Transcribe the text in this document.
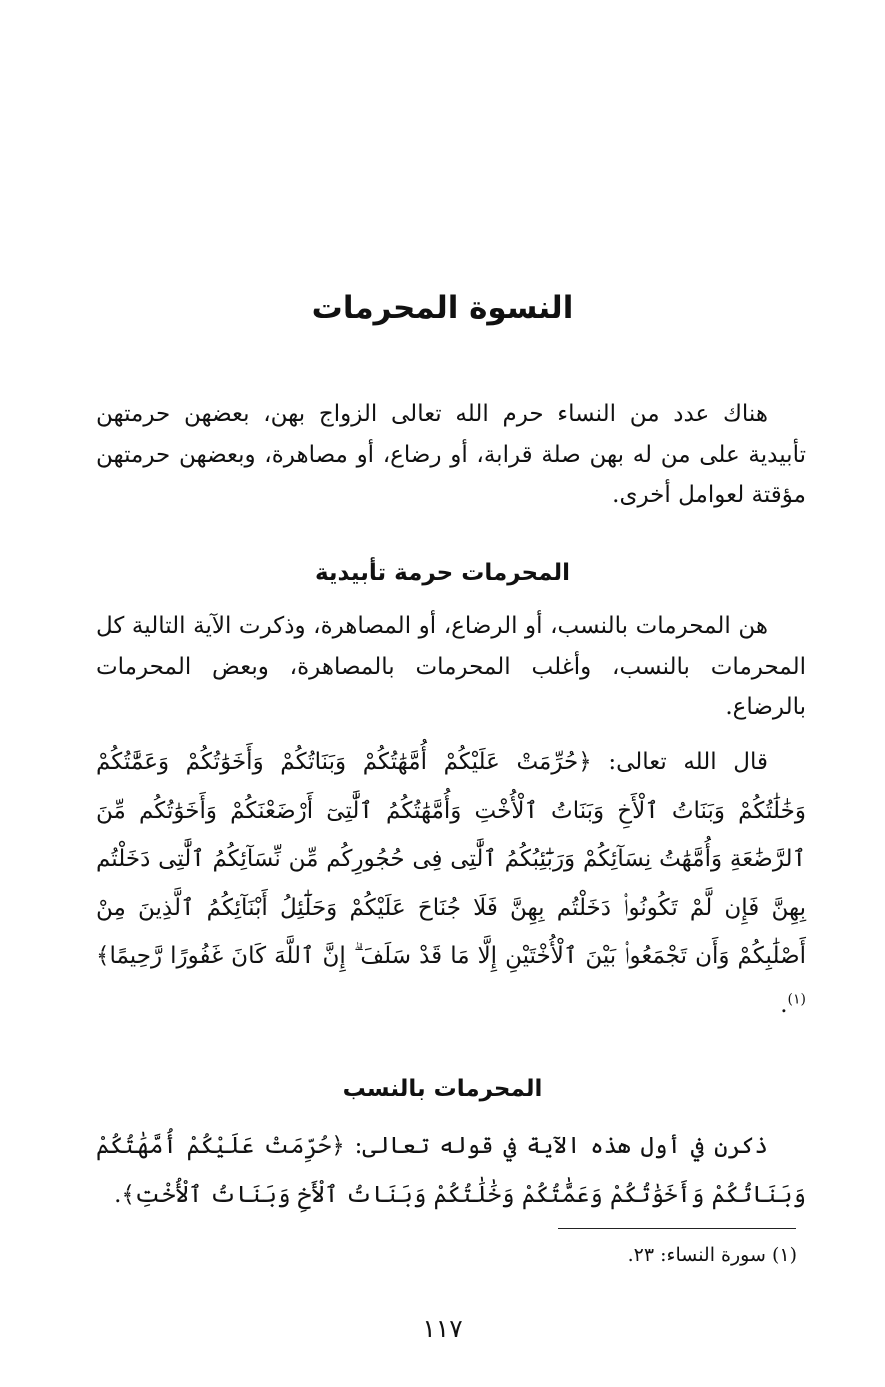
النسوة المحرمات

هناك عدد من النساء حرم الله تعالى الزواج بهن، بعضهن حرمتهن تأبيدية على من له بهن صلة قرابة، أو رضاع، أو مصاهرة، وبعضهن حرمتهن مؤقتة لعوامل أخرى.

المحرمات حرمة تأبيدية

هن المحرمات بالنسب، أو الرضاع، أو المصاهرة، وذكرت الآية التالية كل المحرمات بالنسب، وأغلب المحرمات بالمصاهرة، وبعض المحرمات بالرضاع.

قال الله تعالى: ﴿حُرِّمَتْ عَلَيْكُمْ أُمَّهَٰتُكُمْ وَبَنَاتُكُمْ وَأَخَوَٰتُكُمْ وَعَمَّٰتُكُمْ وَخَٰلَٰتُكُمْ وَبَنَاتُ ٱلْأَخِ وَبَنَاتُ ٱلْأُخْتِ وَأُمَّهَٰتُكُمُ ٱلَّٰتِىٓ أَرْضَعْنَكُمْ وَأَخَوَٰتُكُم مِّنَ ٱلرَّضَٰعَةِ وَأُمَّهَٰتُ نِسَآئِكُمْ وَرَبَٰٓئِبُكُمُ ٱلَّٰتِى فِى حُجُورِكُم مِّن نِّسَآئِكُمُ ٱلَّٰتِى دَخَلْتُم بِهِنَّ فَإِن لَّمْ تَكُونُوا۟ دَخَلْتُم بِهِنَّ فَلَا جُنَاحَ عَلَيْكُمْ وَحَلَٰٓئِلُ أَبْنَآئِكُمُ ٱلَّذِينَ مِنْ أَصْلَٰبِكُمْ وَأَن تَجْمَعُوا۟ بَيْنَ ٱلْأُخْتَيْنِ إِلَّا مَا قَدْ سَلَفَ ۗ إِنَّ ٱللَّهَ كَانَ غَفُورًا رَّحِيمًا﴾$^{(١)}$.

المحرمات بالنسب

ذكرن في أول هذه الآية في قوله تعالى: ﴿حُرِّمَتْ عَلَيْكُمْ أُمَّهَٰتُكُمْ وَبَنَاتُكُمْ وَأَخَوَٰتُكُمْ وَعَمَّٰتُكُمْ وَخَٰلَٰتُكُمْ وَبَنَاتُ ٱلْأَخِ وَبَنَاتُ ٱلْأُخْتِ﴾.

(١) سورة النساء: ٢٣.
١١٧
